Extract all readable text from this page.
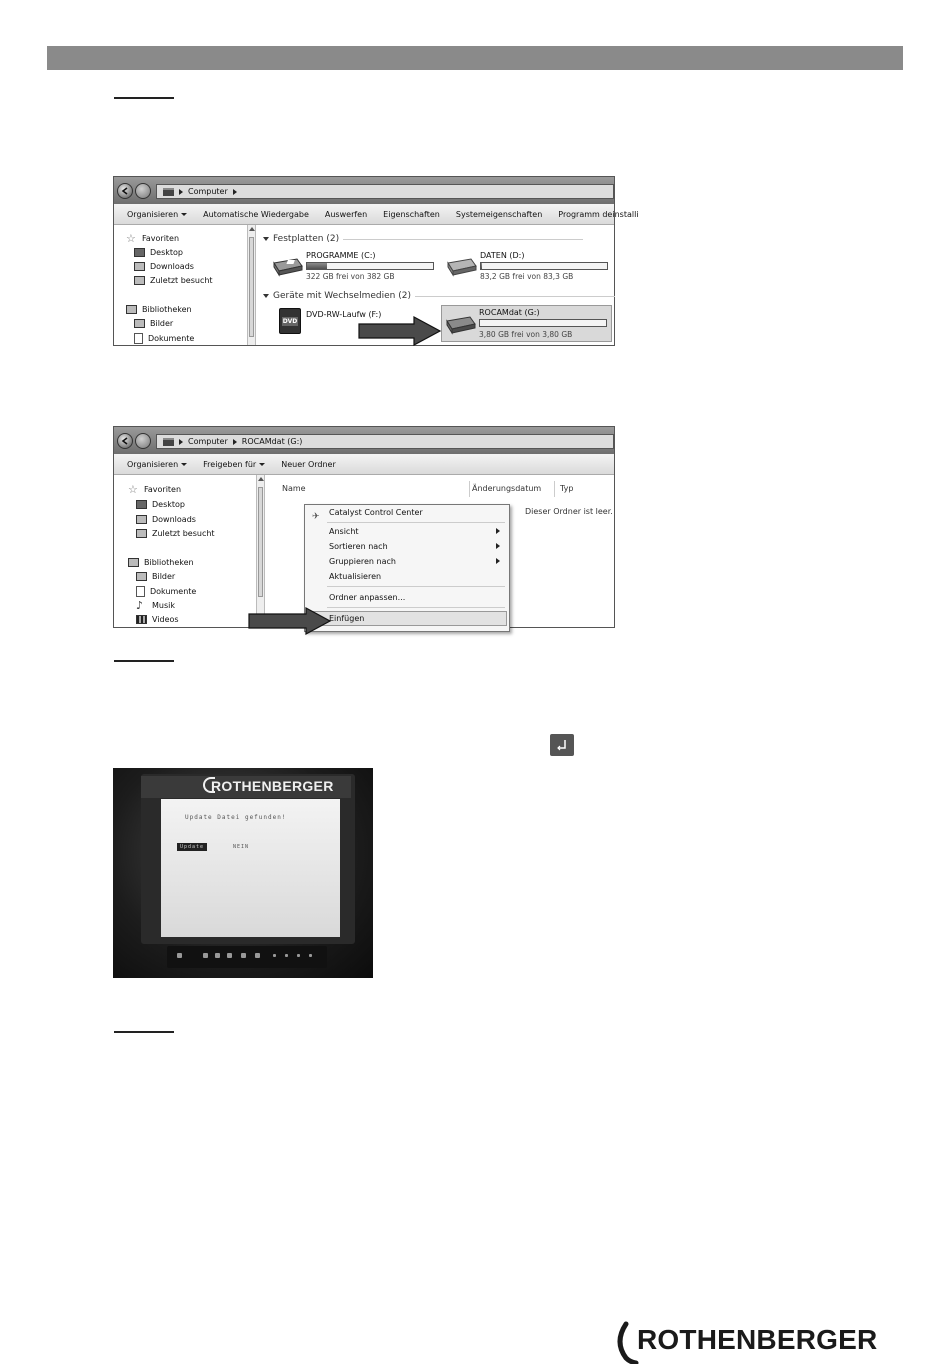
Computer
Organisieren	Automatische Wiedergabe Auswerfen Eigenschaften Systemeigenschaften Programm deinstalli
☆ Favoriten
Desktop
Downloads
Zuletzt besucht
Bibliotheken
Bilder
Dokumente
Festplatten (2)
PROGRAMME (C:)
322 GB frei von 382 GB
DATEN (D:)
83,2 GB frei von 83,3 GB
Geräte mit Wechselmedien (2)
DVD
DVD-RW-Laufw (F:)	ROCAMdat (G:)
3,80 GB frei von 3,80 GB
Computer ROCAMdat (G:)
Organisieren	Freigeben für	Neuer Ordner
☆ Favoriten
Desktop
Downloads
Zuletzt besucht
Bibliotheken
Bilder
Dokumente
♪	Musik
Videos
Name	Änderungsdatum Typ
Dieser Ordner ist leer.
✈ Catalyst Control Center
Ansicht
Sortieren nach
Gruppieren nach
Aktualisieren
Ordner anpassen...
Einfügen
ROTHENBERGER
Update Datei gefunden!
Update	NEIN
ROTHENBERGER
